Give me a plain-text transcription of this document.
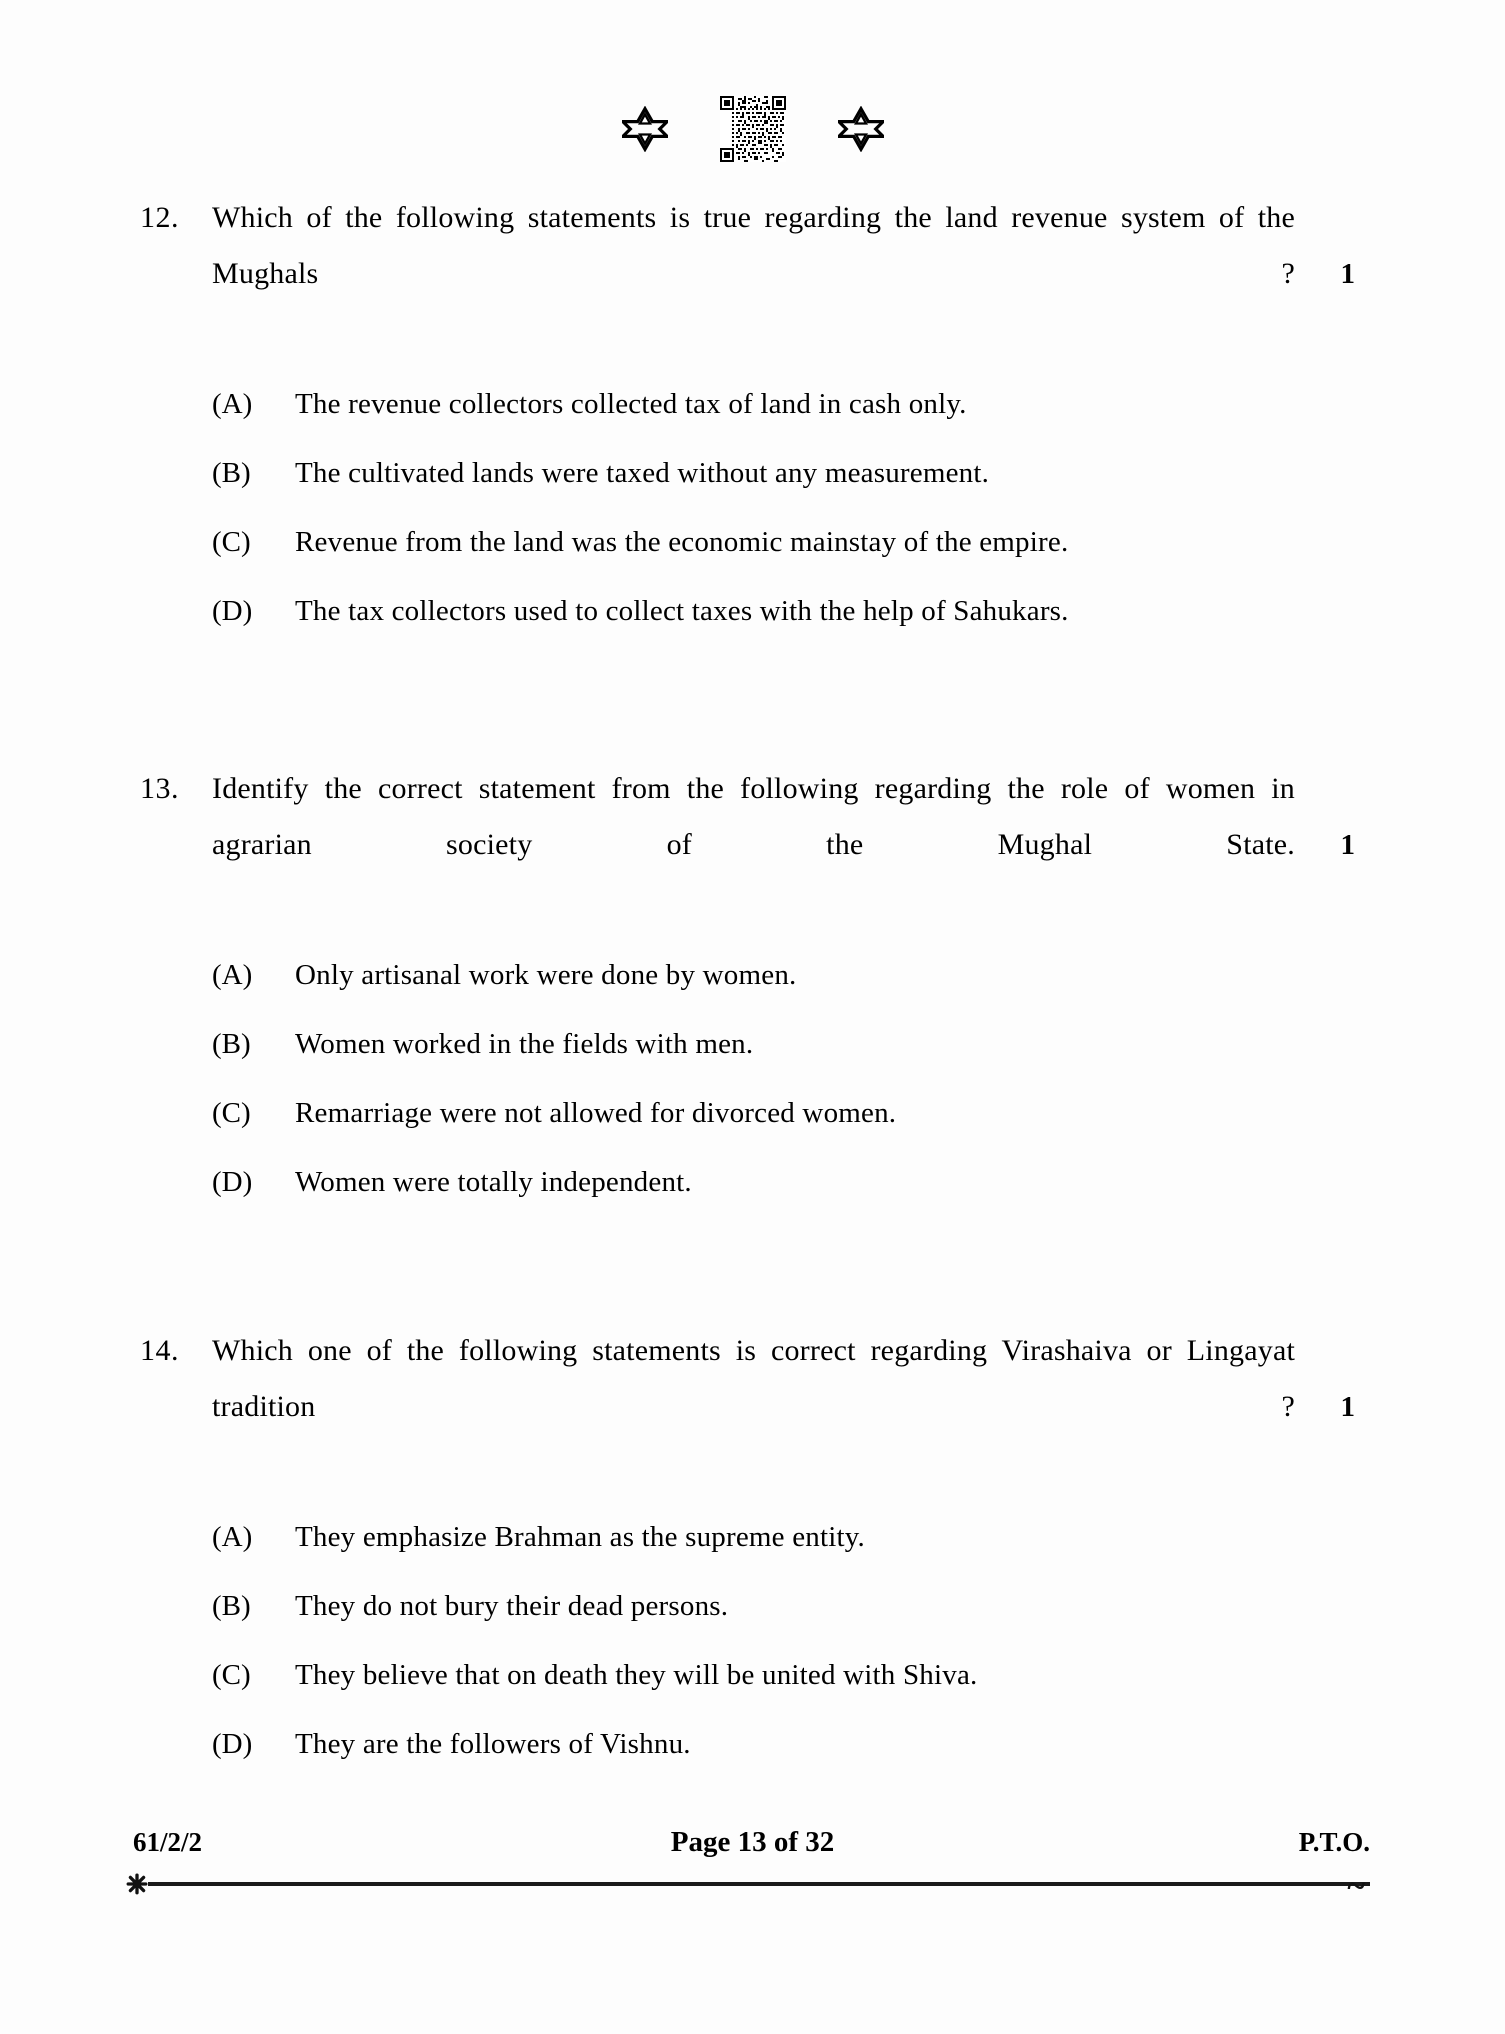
12.	Which of the following statements is true regarding the land revenue system of the Mughals ? 1
(A)	The revenue collectors collected tax of land in cash only.
(B)	The cultivated lands were taxed without any measurement.
(C)	Revenue from the land was the economic mainstay of the empire.
(D)	The tax collectors used to collect taxes with the help of Sahukars.
13.	Identify the correct statement from the following regarding the role of women in agrarian society of the Mughal State. 1
(A)	Only artisanal work were done by women.
(B)	Women worked in the fields with men.
(C)	Remarriage were not allowed for divorced women.
(D)	Women were totally independent.
14.	Which one of the following statements is correct regarding Virashaiva or Lingayat tradition ? 1
(A)	They emphasize Brahman as the supreme entity.
(B)	They do not bury their dead persons.
(C)	They believe that on death they will be united with Shiva.
(D)	They are the followers of Vishnu.
61/2/2	Page 13 of 32	P.T.O.
~
